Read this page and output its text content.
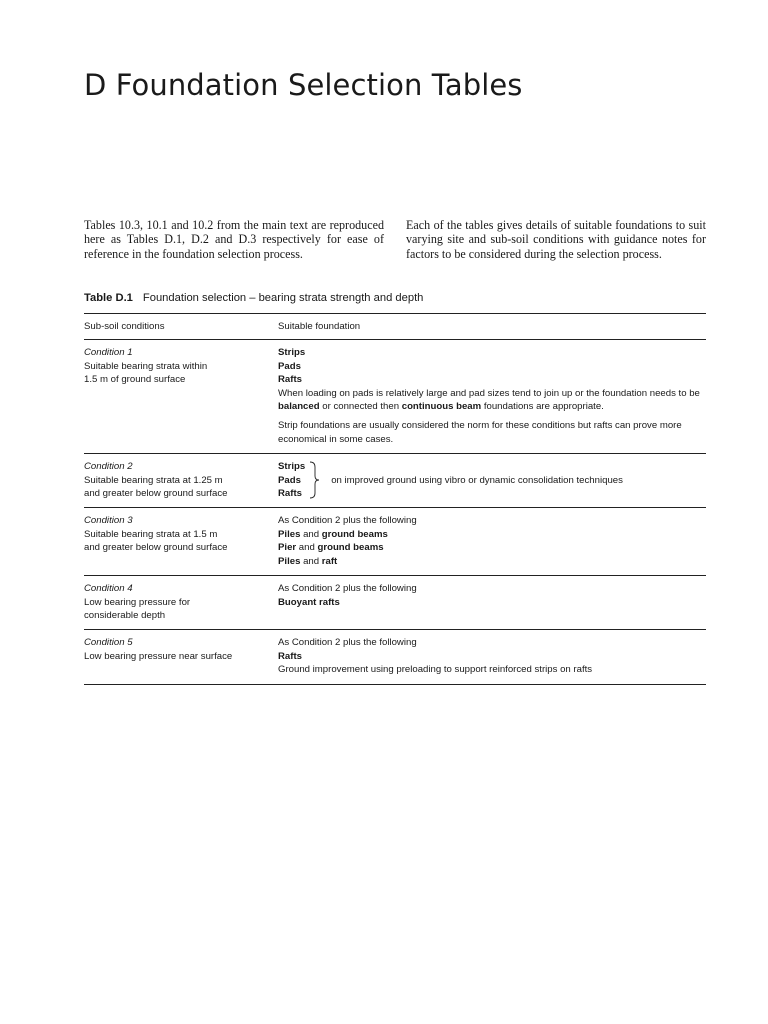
D Foundation Selection Tables

Tables 10.3, 10.1 and 10.2 from the main text are reproduced here as Tables D.1, D.2 and D.3 respectively for ease of reference in the foundation selection process.

Each of the tables gives details of suitable foundations to suit varying site and sub-soil conditions with guidance notes for factors to be considered during the selection process.

Table D.1 Foundation selection – bearing strata strength and depth
Sub-soil conditions	Suitable foundation
Condition 1
Suitable bearing strata within
1.5 m of ground surface
Strips
Pads
Rafts
When loading on pads is relatively large and pad sizes tend to join up or the foundation needs to be balanced or connected then continuous beam foundations are appropriate.
Strip foundations are usually considered the norm for these conditions but rafts can prove more economical in some cases.
Condition 2
Suitable bearing strata at 1.25 m
and greater below ground surface
Strips
Pads
Rafts
on improved ground using vibro or dynamic consolidation techniques
Condition 3
Suitable bearing strata at 1.5 m
and greater below ground surface
As Condition 2 plus the following
Piles and ground beams
Pier and ground beams
Piles and raft
Condition 4
Low bearing pressure for
considerable depth
As Condition 2 plus the following
Buoyant rafts
Condition 5
Low bearing pressure near surface
As Condition 2 plus the following
Rafts
Ground improvement using preloading to support reinforced strips on rafts
